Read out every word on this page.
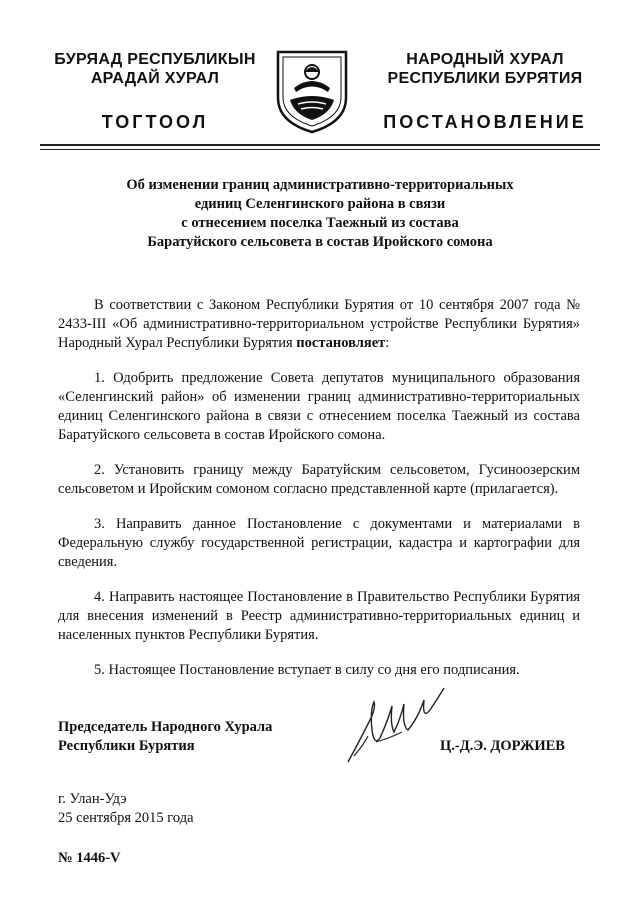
БУРЯАД РЕСПУБЛИКЫН
АРАДАЙ ХУРАЛ
НАРОДНЫЙ ХУРАЛ
РЕСПУБЛИКИ БУРЯТИЯ
ТОГТООЛ	ПОСТАНОВЛЕНИЕ
Об изменении границ административно-территориальных
единиц Селенгинского района в связи
с отнесением поселка Таежный из состава
Баратуйского сельсовета в состав Иройского сомона

В соответствии с Законом Республики Бурятия от 10 сентября 2007 года № 2433-III «Об административно-территориальном устройстве Республики Бурятия» Народный Хурал Республики Бурятия постановляет:

1. Одобрить предложение Совета депутатов муниципального образования «Селенгинский район» об изменении границ административно-территориальных единиц Селенгинского района в связи с отнесением поселка Таежный из состава Баратуйского сельсовета в состав Иройского сомона.

2. Установить границу между Баратуйским сельсоветом, Гусиноозерским сельсоветом и Иройским сомоном согласно представленной карте (прилагается).

3. Направить данное Постановление с документами и материалами в Федеральную службу государственной регистрации, кадастра и картографии для сведения.

4. Направить настоящее Постановление в Правительство Республики Бурятия для внесения изменений в Реестр административно-территориальных единиц и населенных пунктов Республики Бурятия.

5. Настоящее Постановление вступает в силу со дня его подписания.

Председатель Народного Хурала
Республики Бурятия	Ц.-Д.Э. ДОРЖИЕВ
г. Улан-Удэ
25 сентября 2015 года
№ 1446-V
